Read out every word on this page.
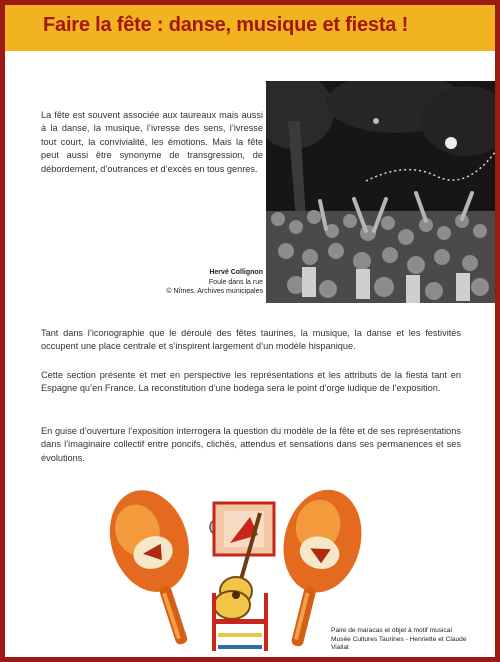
Faire la fête : danse, musique et fiesta !

La fête est souvent associée aux taureaux mais aussi à la danse, la musique, l’ivresse des sens, l’ivresse tout court, la convivialité, les émotions. Mais la fête peut aussi être synonyme de transgression, de débordement, d’outrances et d’excès en tous genres.

Hervé Collignon
Foule dans la rue
© Nîmes. Archives municipales

Tant dans l’iconographie que le déroulé des fêtes taurines, la musique, la danse et les festivités occupent une place centrale et s’inspirent largement d’un modèle hispanique.

Cette section présente et met en perspective les représentations et les attributs de la fiesta tant en Espagne qu’en France. La reconstitution d’une bodega sera le point d’orge ludique de l’exposition.

En guise d’ouverture l’exposition interrogera la question du modèle de la fête et de ses représentations dans l’imaginaire collectif entre poncifs, clichés, attendus et sensations dans ses permanences et ses évolutions.

Paire de maracas et objet à motif musical
Musée Cultures Taurines - Henriette et Claude Viallat
